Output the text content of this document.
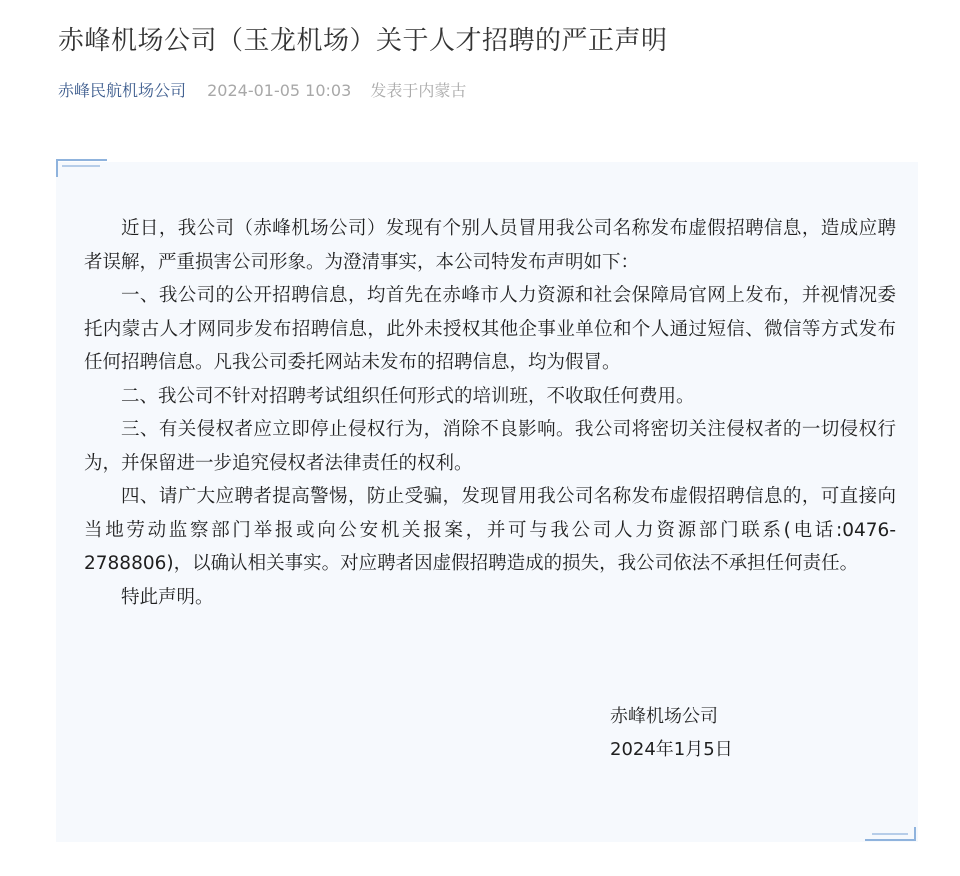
赤峰机场公司（玉龙机场）关于人才招聘的严正声明
赤峰民航机场公司 2024-01-05 10:03 发表于内蒙古

近日，我公司（赤峰机场公司）发现有个别人员冒用我公司名称发布虚假招聘信息，造成应聘者误解，严重损害公司形象。为澄清事实，本公司特发布声明如下：

一、我公司的公开招聘信息，均首先在赤峰市人力资源和社会保障局官网上发布，并视情况委托内蒙古人才网同步发布招聘信息，此外未授权其他企事业单位和个人通过短信、微信等方式发布任何招聘信息。凡我公司委托网站未发布的招聘信息，均为假冒。

二、我公司不针对招聘考试组织任何形式的培训班，不收取任何费用。

三、有关侵权者应立即停止侵权行为，消除不良影响。我公司将密切关注侵权者的一切侵权行为，并保留进一步追究侵权者法律责任的权利。

四、请广大应聘者提高警惕，防止受骗，发现冒用我公司名称发布虚假招聘信息的，可直接向当地劳动监察部门举报或向公安机关报案，并可与我公司人力资源部门联系(电话:0476-2788806)，以确认相关事实。对应聘者因虚假招聘造成的损失，我公司依法不承担任何责任。

特此声明。

赤峰机场公司
2024年1月5日
